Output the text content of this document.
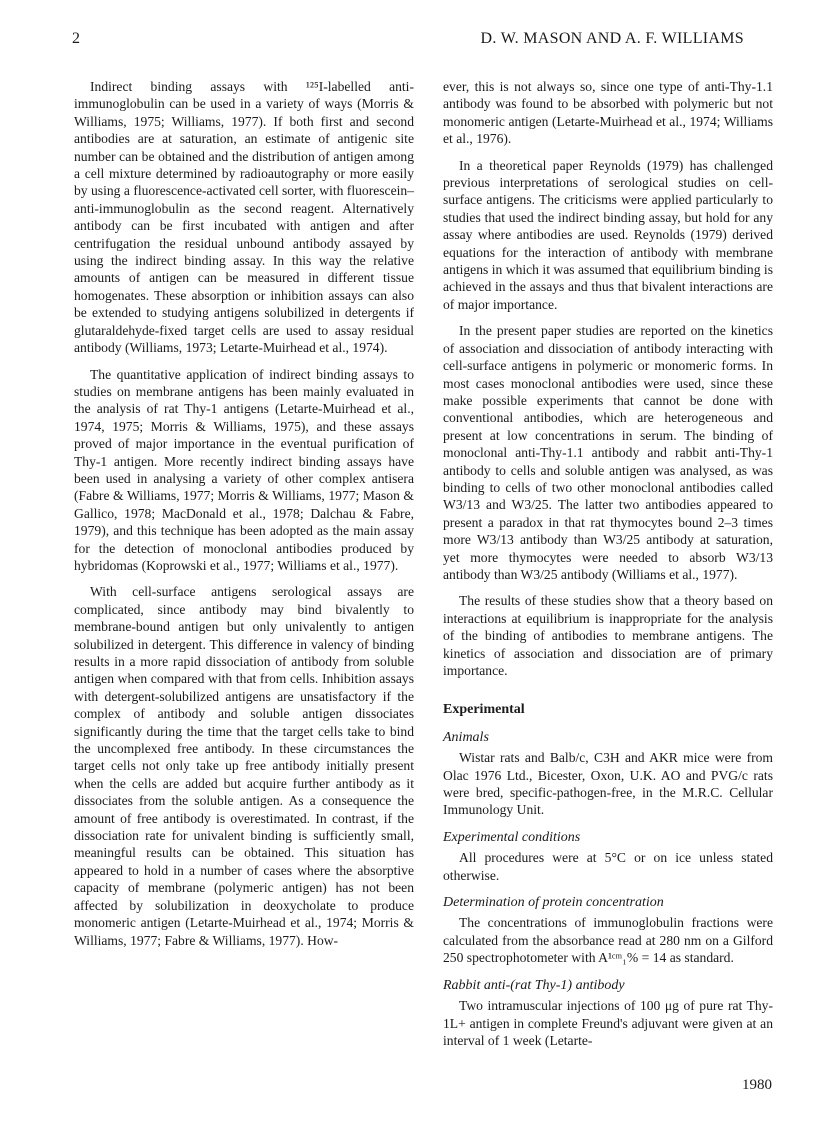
2	D. W. MASON AND A. F. WILLIAMS

Indirect binding assays with ¹²⁵I-labelled anti-immunoglobulin can be used in a variety of ways (Morris & Williams, 1975; Williams, 1977). If both first and second antibodies are at saturation, an estimate of antigenic site number can be obtained and the distribution of antigen among a cell mixture determined by radioautography or more easily by using a fluorescence-activated cell sorter, with fluorescein–anti-immunoglobulin as the second reagent. Alternatively antibody can be first incubated with antigen and after centrifugation the residual unbound antibody assayed by using the indirect binding assay. In this way the relative amounts of antigen can be measured in different tissue homogenates. These absorption or inhibition assays can also be extended to studying antigens solubilized in detergents if glutaraldehyde-fixed target cells are used to assay residual antibody (Williams, 1973; Letarte-Muirhead et al., 1974).

The quantitative application of indirect binding assays to studies on membrane antigens has been mainly evaluated in the analysis of rat Thy-1 antigens (Letarte-Muirhead et al., 1974, 1975; Morris & Williams, 1975), and these assays proved of major importance in the eventual purification of Thy-1 antigen. More recently indirect binding assays have been used in analysing a variety of other complex antisera (Fabre & Williams, 1977; Morris & Williams, 1977; Mason & Gallico, 1978; MacDonald et al., 1978; Dalchau & Fabre, 1979), and this technique has been adopted as the main assay for the detection of monoclonal antibodies produced by hybridomas (Koprowski et al., 1977; Williams et al., 1977).

With cell-surface antigens serological assays are complicated, since antibody may bind bivalently to membrane-bound antigen but only univalently to antigen solubilized in detergent. This difference in valency of binding results in a more rapid dissociation of antibody from soluble antigen when compared with that from cells. Inhibition assays with detergent-solubilized antigens are unsatisfactory if the complex of antibody and soluble antigen dissociates significantly during the time that the target cells take to bind the uncomplexed free antibody. In these circumstances the target cells not only take up free antibody initially present when the cells are added but acquire further antibody as it dissociates from the soluble antigen. As a consequence the amount of free antibody is overestimated. In contrast, if the dissociation rate for univalent binding is sufficiently small, meaningful results can be obtained. This situation has appeared to hold in a number of cases where the absorptive capacity of membrane (polymeric antigen) has not been affected by solubilization in deoxycholate to produce monomeric antigen (Letarte-Muirhead et al., 1974; Morris & Williams, 1977; Fabre & Williams, 1977). How-

ever, this is not always so, since one type of anti-Thy-1.1 antibody was found to be absorbed with polymeric but not monomeric antigen (Letarte-Muirhead et al., 1974; Williams et al., 1976).

In a theoretical paper Reynolds (1979) has challenged previous interpretations of serological studies on cell-surface antigens. The criticisms were applied particularly to studies that used the indirect binding assay, but hold for any assay where antibodies are used. Reynolds (1979) derived equations for the interaction of antibody with membrane antigens in which it was assumed that equilibrium binding is achieved in the assays and thus that bivalent interactions are of major importance.

In the present paper studies are reported on the kinetics of association and dissociation of antibody interacting with cell-surface antigens in polymeric or monomeric forms. In most cases monoclonal antibodies were used, since these make possible experiments that cannot be done with conventional antibodies, which are heterogeneous and present at low concentrations in serum. The binding of monoclonal anti-Thy-1.1 antibody and rabbit anti-Thy-1 antibody to cells and soluble antigen was analysed, as was binding to cells of two other monoclonal antibodies called W3/13 and W3/25. The latter two antibodies appeared to present a paradox in that rat thymocytes bound 2–3 times more W3/13 antibody than W3/25 antibody at saturation, yet more thymocytes were needed to absorb W3/13 antibody than W3/25 antibody (Williams et al., 1977).

The results of these studies show that a theory based on interactions at equilibrium is inappropriate for the analysis of the binding of antibodies to membrane antigens. The kinetics of association and dissociation are of primary importance.

Experimental
Animals

Wistar rats and Balb/c, C3H and AKR mice were from Olac 1976 Ltd., Bicester, Oxon, U.K. AO and PVG/c rats were bred, specific-pathogen-free, in the M.R.C. Cellular Immunology Unit.

Experimental conditions

All procedures were at 5°C or on ice unless stated otherwise.

Determination of protein concentration

The concentrations of immunoglobulin fractions were calculated from the absorbance read at 280 nm on a Gilford 250 spectrophotometer with A¹ᶜᵐ₁% = 14 as standard.

Rabbit anti-(rat Thy-1) antibody

Two intramuscular injections of 100 μg of pure rat Thy-1L+ antigen in complete Freund's adjuvant were given at an interval of 1 week (Letarte-

1980
